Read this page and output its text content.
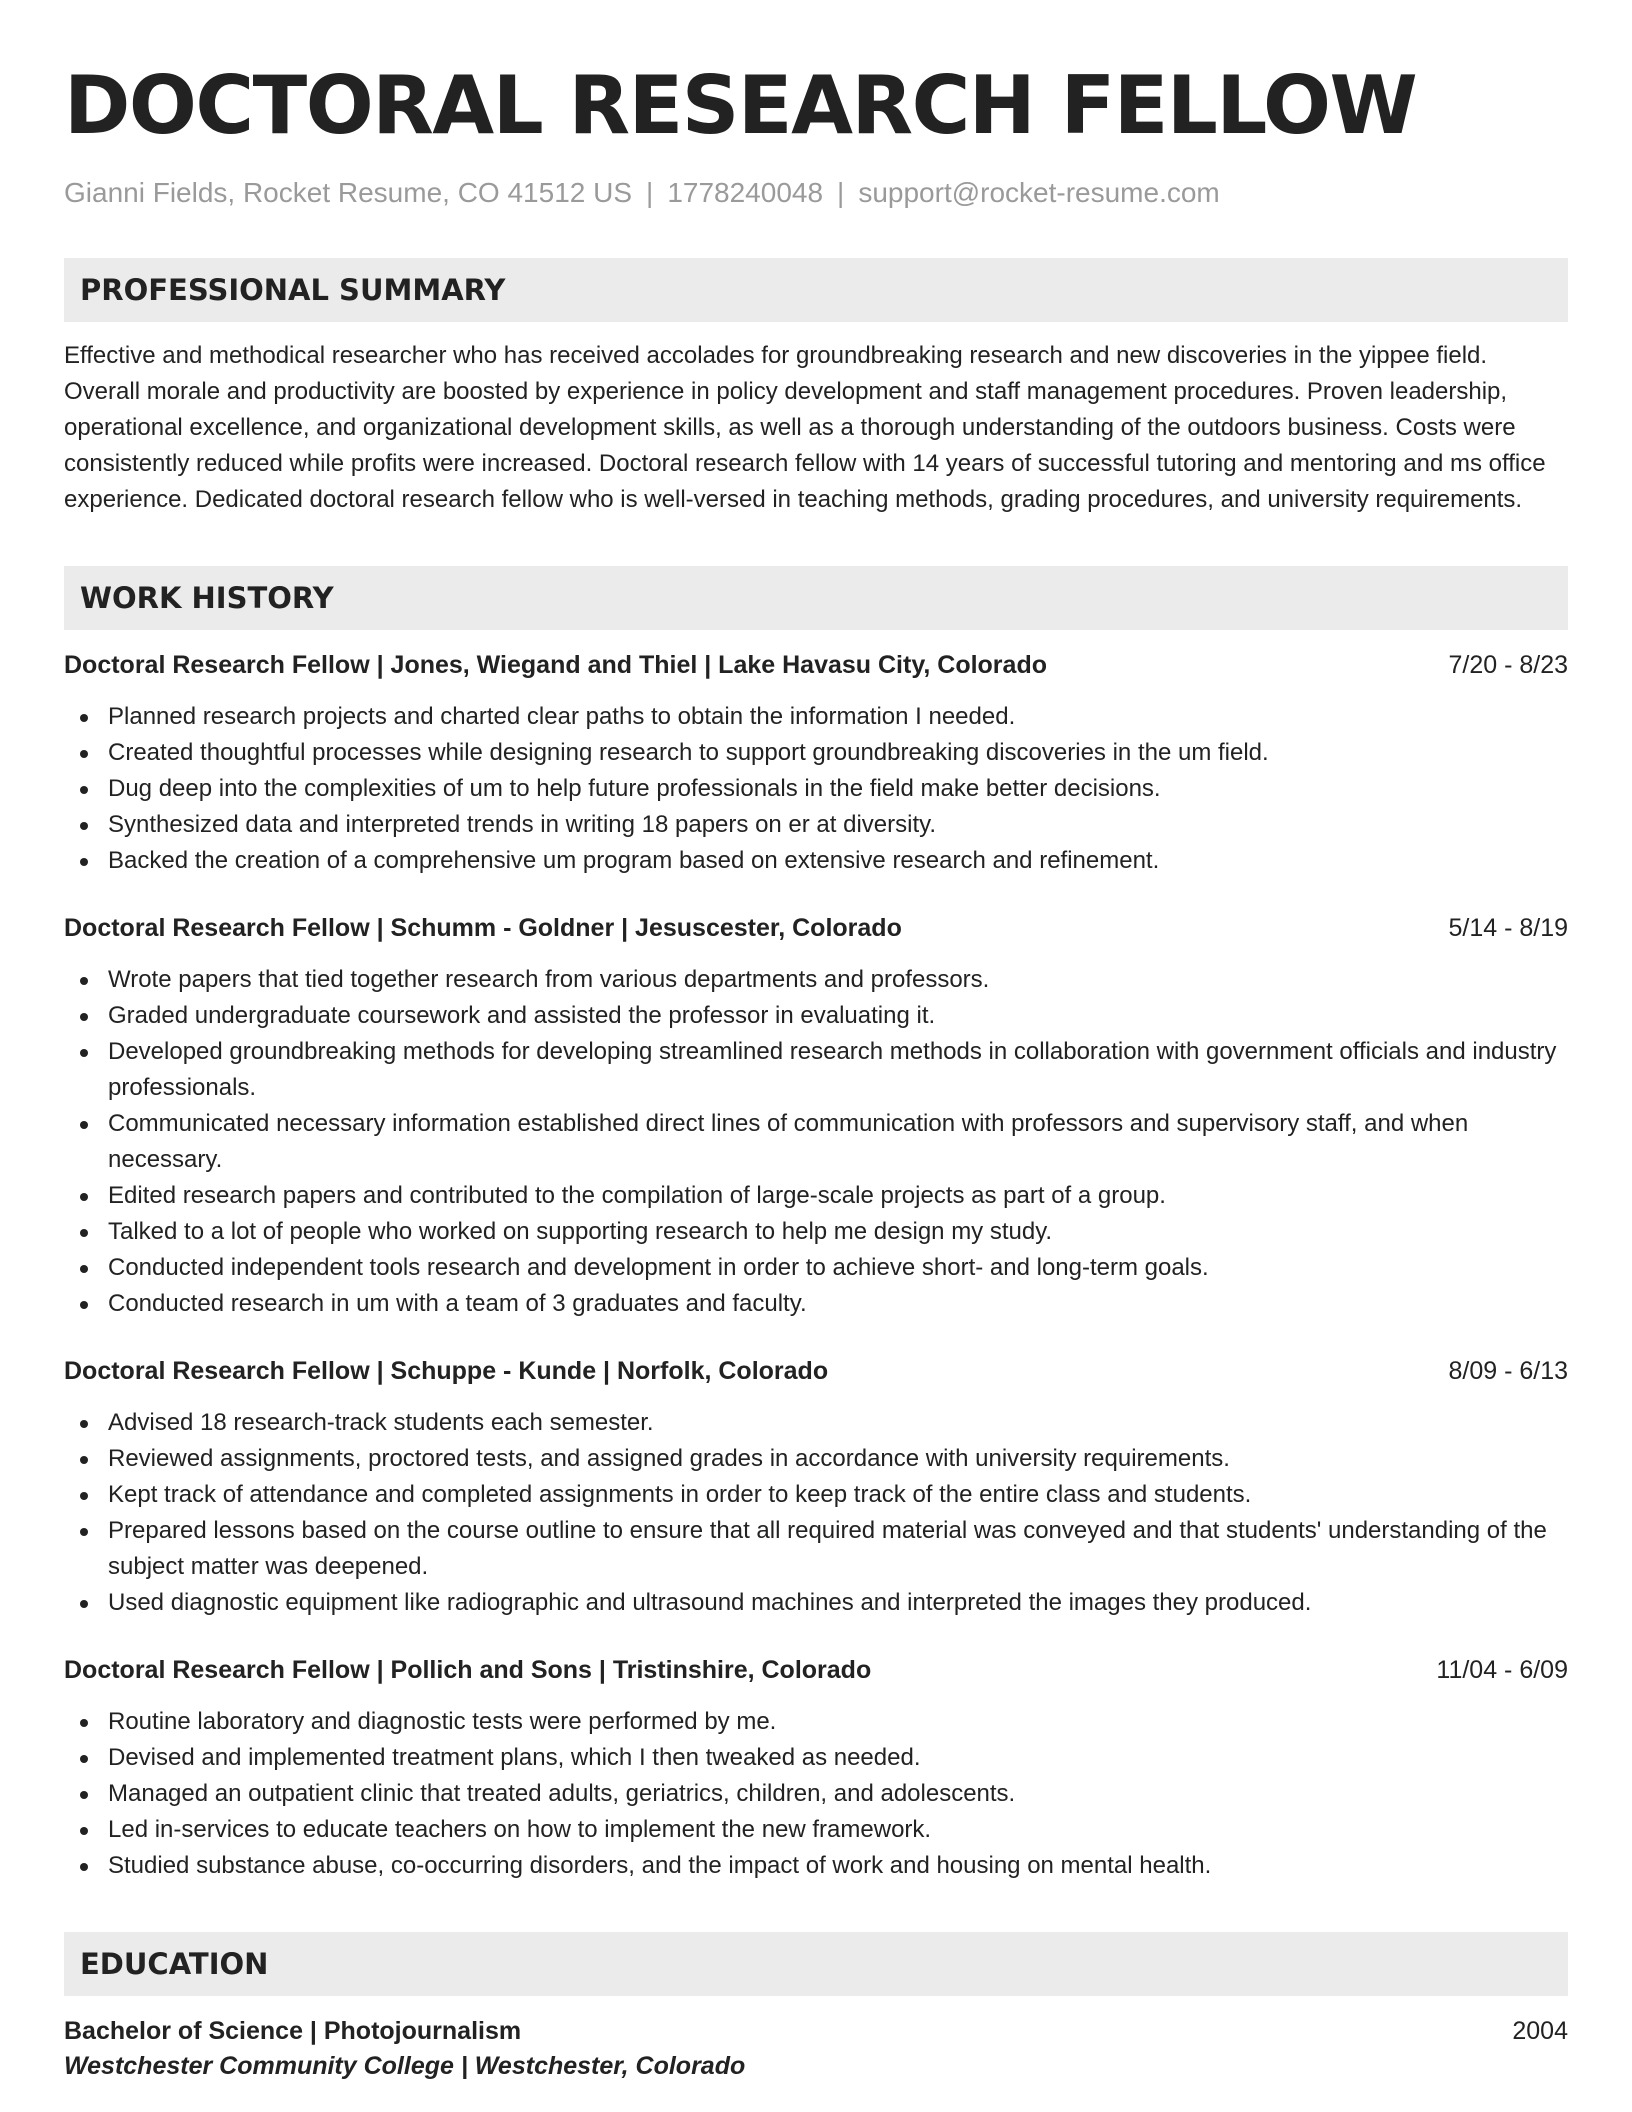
DOCTORAL RESEARCH FELLOW
Gianni Fields, Rocket Resume, CO 41512 US | 1778240048 | support@rocket-resume.com
PROFESSIONAL SUMMARY

Effective and methodical researcher who has received accolades for groundbreaking research and new discoveries in the yippee field. Overall morale and productivity are boosted by experience in policy development and staff management procedures. Proven leadership, operational excellence, and organizational development skills, as well as a thorough understanding of the outdoors business. Costs were consistently reduced while profits were increased. Doctoral research fellow with 14 years of successful tutoring and mentoring and ms office experience. Dedicated doctoral research fellow who is well-versed in teaching methods, grading procedures, and university requirements.

WORK HISTORY
Doctoral Research Fellow | Jones, Wiegand and Thiel | Lake Havasu City, Colorado	7/20 - 8/23
Planned research projects and charted clear paths to obtain the information I needed.
Created thoughtful processes while designing research to support groundbreaking discoveries in the um field.
Dug deep into the complexities of um to help future professionals in the field make better decisions.
Synthesized data and interpreted trends in writing 18 papers on er at diversity.
Backed the creation of a comprehensive um program based on extensive research and refinement.
Doctoral Research Fellow | Schumm - Goldner | Jesuscester, Colorado	5/14 - 8/19
Wrote papers that tied together research from various departments and professors.
Graded undergraduate coursework and assisted the professor in evaluating it.
Developed groundbreaking methods for developing streamlined research methods in collaboration with government officials and industry professionals.
Communicated necessary information established direct lines of communication with professors and supervisory staff, and when necessary.
Edited research papers and contributed to the compilation of large-scale projects as part of a group.
Talked to a lot of people who worked on supporting research to help me design my study.
Conducted independent tools research and development in order to achieve short- and long-term goals.
Conducted research in um with a team of 3 graduates and faculty.
Doctoral Research Fellow | Schuppe - Kunde | Norfolk, Colorado	8/09 - 6/13
Advised 18 research-track students each semester.
Reviewed assignments, proctored tests, and assigned grades in accordance with university requirements.
Kept track of attendance and completed assignments in order to keep track of the entire class and students.
Prepared lessons based on the course outline to ensure that all required material was conveyed and that students' understanding of the subject matter was deepened.
Used diagnostic equipment like radiographic and ultrasound machines and interpreted the images they produced.
Doctoral Research Fellow | Pollich and Sons | Tristinshire, Colorado	11/04 - 6/09
Routine laboratory and diagnostic tests were performed by me.
Devised and implemented treatment plans, which I then tweaked as needed.
Managed an outpatient clinic that treated adults, geriatrics, children, and adolescents.
Led in-services to educate teachers on how to implement the new framework.
Studied substance abuse, co-occurring disorders, and the impact of work and housing on mental health.
EDUCATION
Bachelor of Science | Photojournalism	2004
Westchester Community College | Westchester, Colorado
